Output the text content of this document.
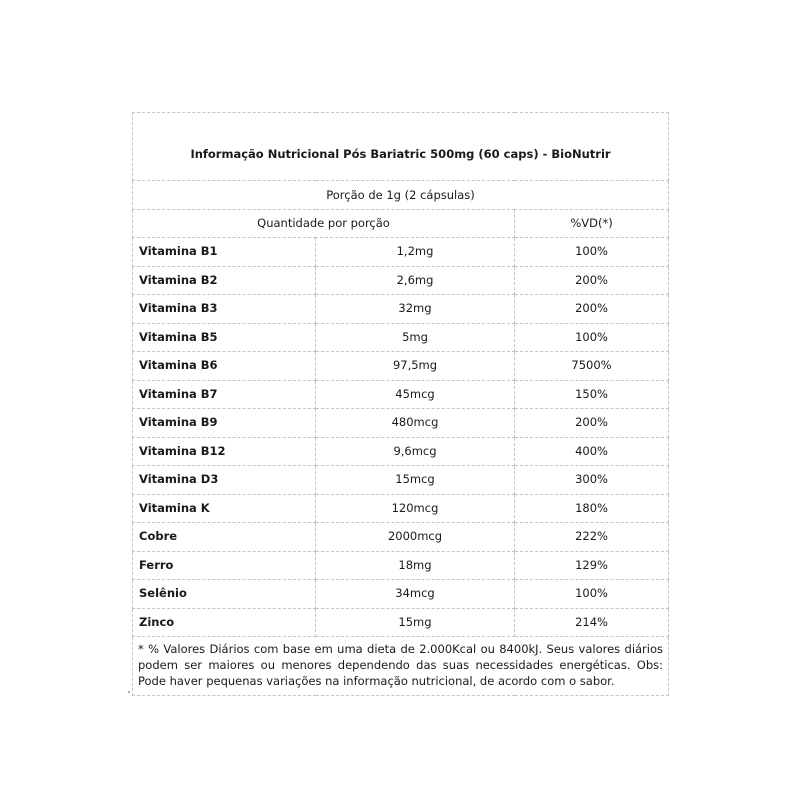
Informação Nutricional Pós Bariatric 500mg (60 caps) - BioNutrir		
Porção de 1g (2 cápsulas)		
Quantidade por porção		%VD(*)
Vitamina B1	1,2mg	100%
Vitamina B2	2,6mg	200%
Vitamina B3	32mg	200%
Vitamina B5	5mg	100%
Vitamina B6	97,5mg	7500%
Vitamina B7	45mcg	150%
Vitamina B9	480mcg	200%
Vitamina B12	9,6mcg	400%
Vitamina D3	15mcg	300%
Vitamina K	120mcg	180%
Cobre	2000mcg	222%
Ferro	18mg	129%
Selênio	34mcg	100%
Zinco	15mg	214%
* % Valores Diários com base em uma dieta de 2.000Kcal ou 8400kJ. Seus valores diários podem ser maiores ou menores dependendo das suas necessidades energéticas. Obs: Pode haver pequenas variações na informação nutricional, de acordo com o sabor.		
